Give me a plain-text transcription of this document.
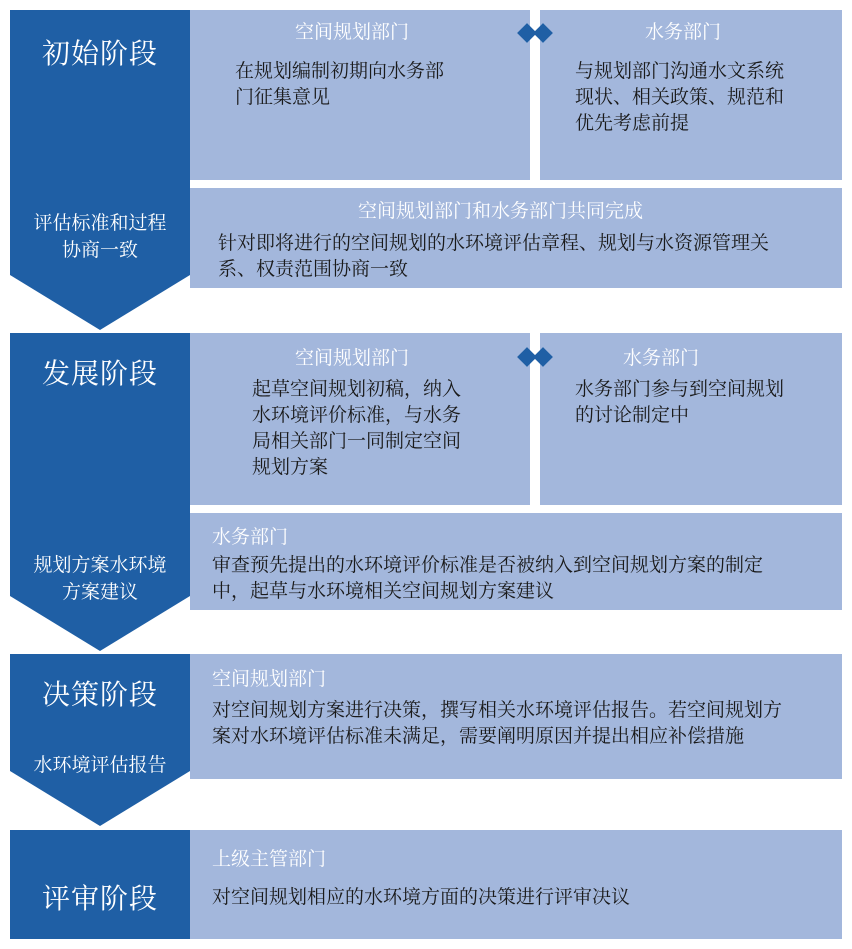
初始阶段
评估标准和过程
协商一致
空间规划部门	水务部门
在规划编制初期向水务部
门征集意见
与规划部门沟通水文系统
现状、相关政策、规范和
优先考虑前提
空间规划部门和水务部门共同完成
针对即将进行的空间规划的水环境评估章程、规划与水资源管理关
系、权责范围协商一致
发展阶段
规划方案水环境
方案建议
空间规划部门	水务部门
起草空间规划初稿，纳入
水环境评价标准，与水务
局相关部门一同制定空间
规划方案
水务部门参与到空间规划
的讨论制定中
水务部门
审查预先提出的水环境评价标准是否被纳入到空间规划方案的制定
中，起草与水环境相关空间规划方案建议
决策阶段
水环境评估报告
空间规划部门
对空间规划方案进行决策，撰写相关水环境评估报告。若空间规划方
案对水环境评估标准未满足，需要阐明原因并提出相应补偿措施
评审阶段
上级主管部门
对空间规划相应的水环境方面的决策进行评审决议
